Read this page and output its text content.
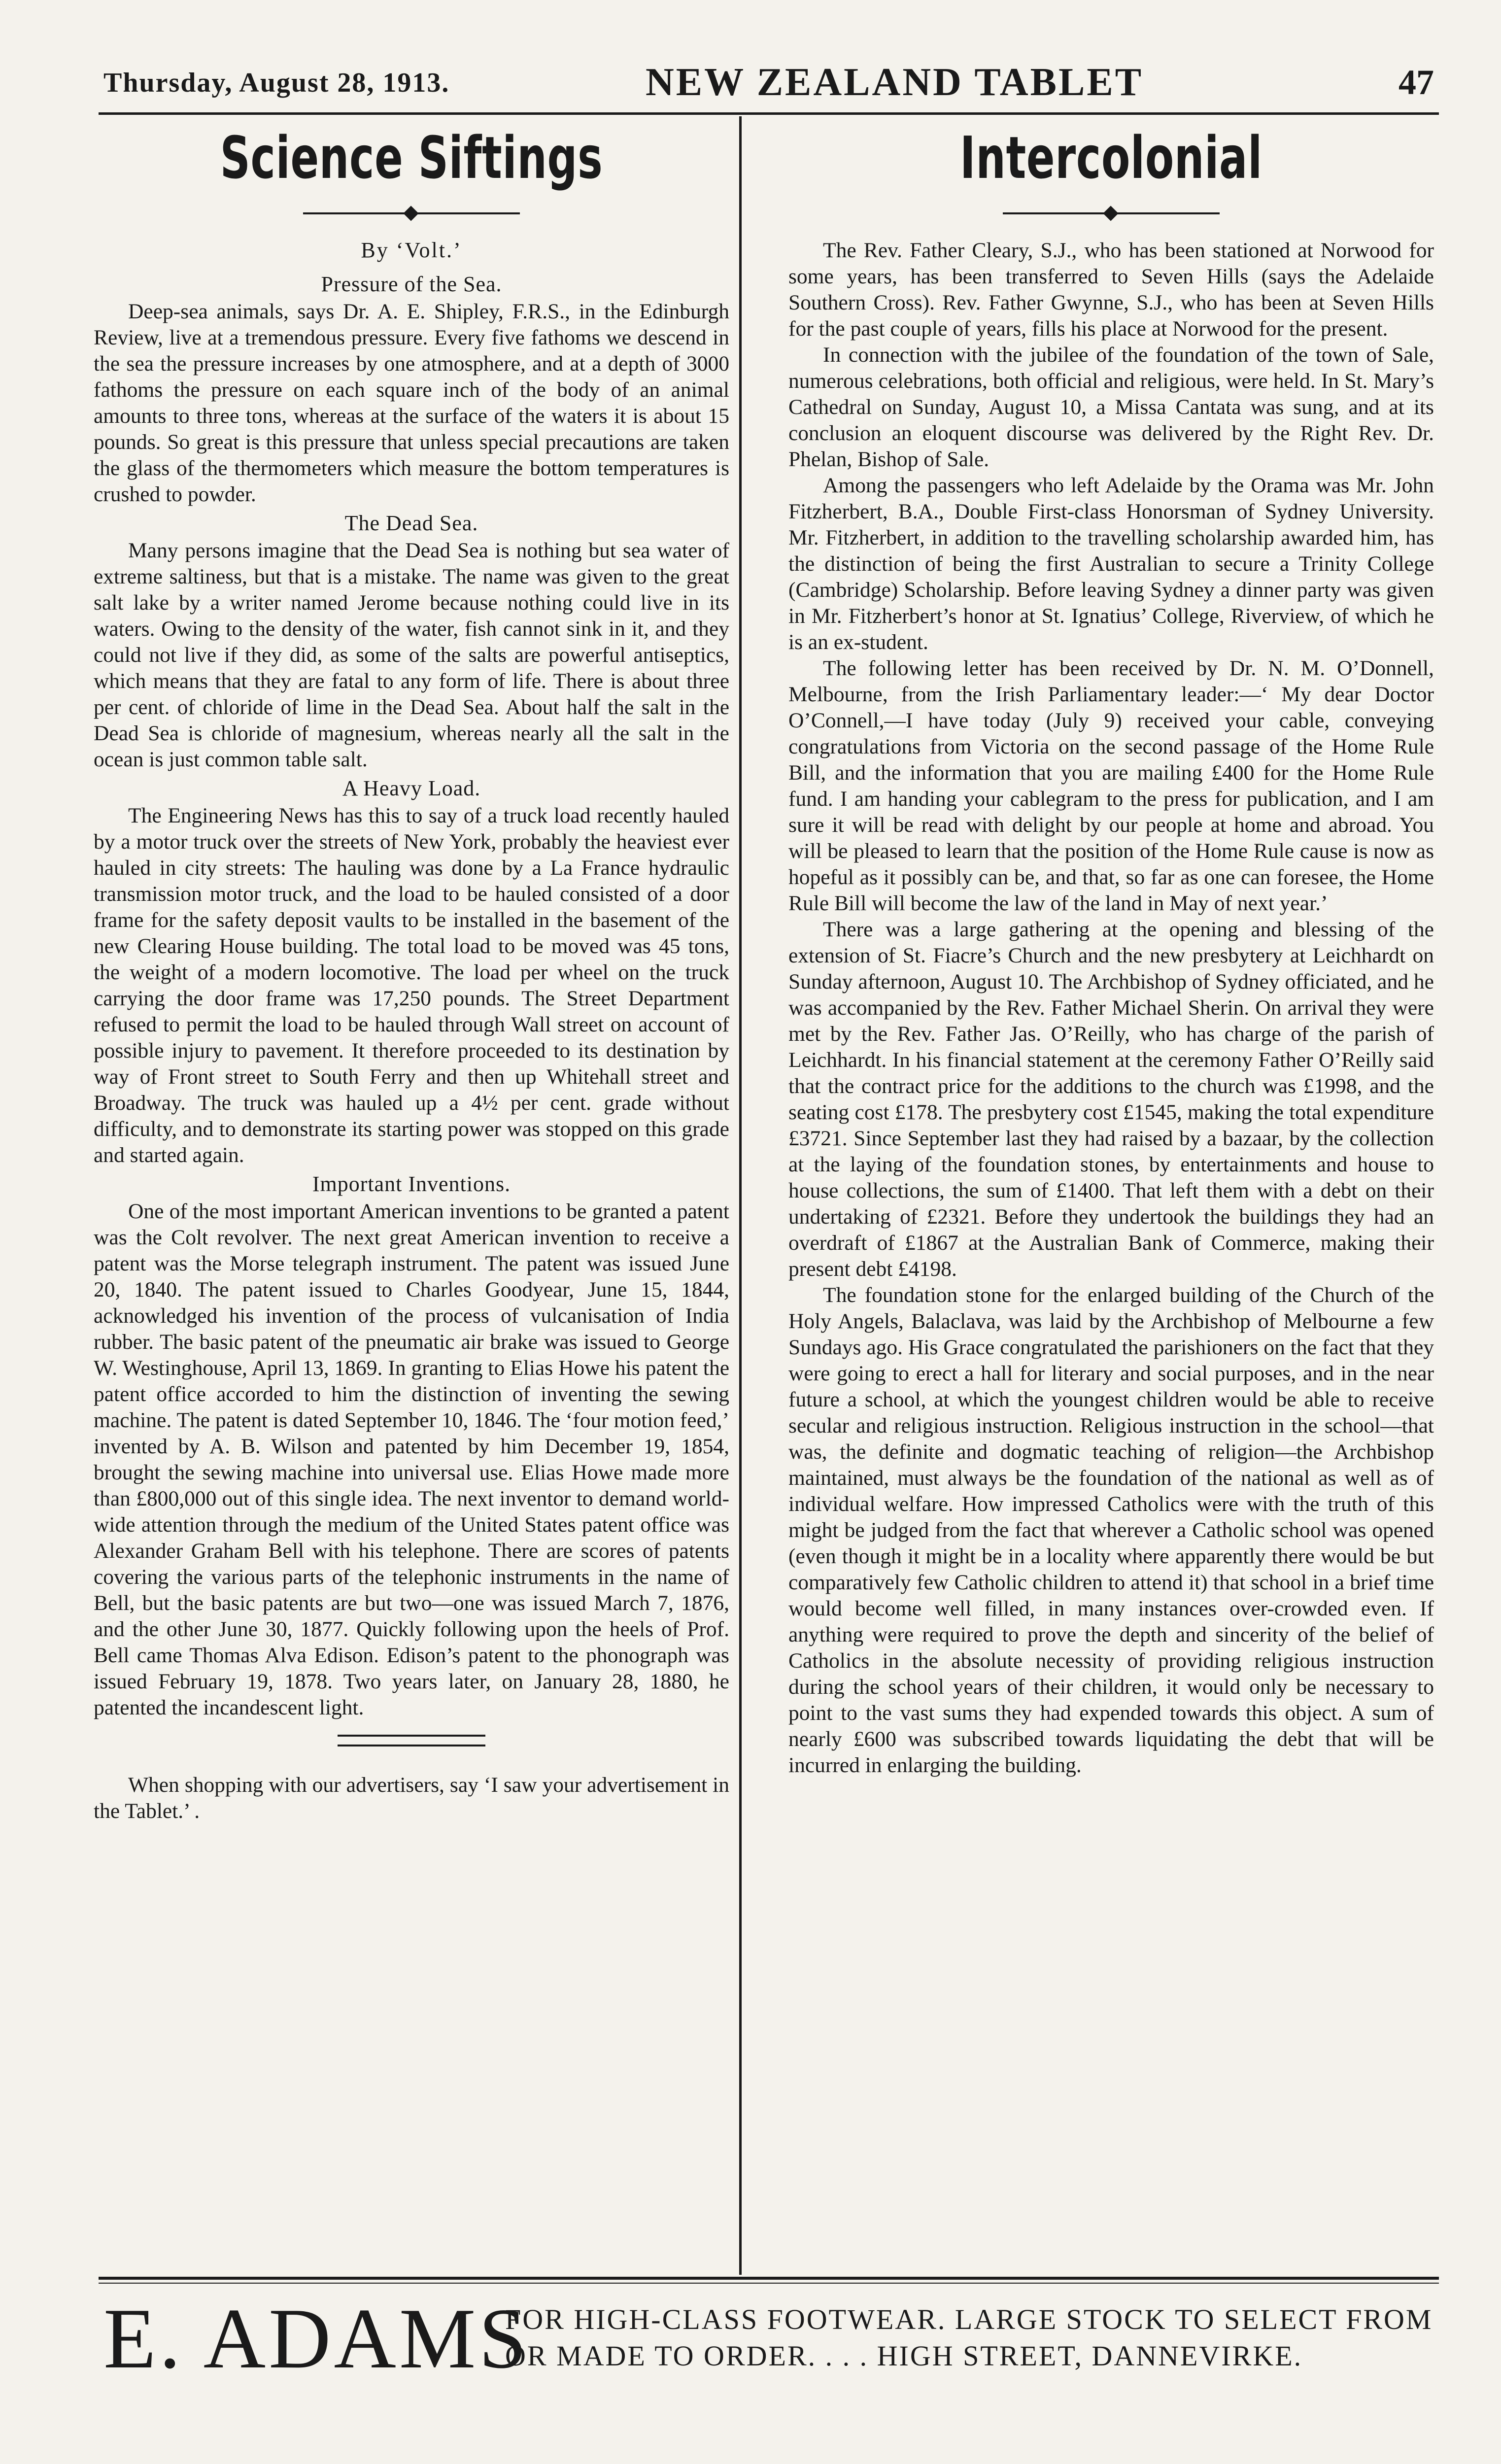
Thursday, August 28, 1913.	NEW ZEALAND TABLET	47
Science Siftings
By ‘Volt.’
Pressure of the Sea.

Deep-sea animals, says Dr. A. E. Shipley, F.R.S., in the Edinburgh Review, live at a tremendous pressure. Every five fathoms we descend in the sea the pressure increases by one atmosphere, and at a depth of 3000 fathoms the pressure on each square inch of the body of an animal amounts to three tons, whereas at the surface of the waters it is about 15 pounds. So great is this pressure that unless special precautions are taken the glass of the thermometers which measure the bottom temperatures is crushed to powder.

The Dead Sea.

Many persons imagine that the Dead Sea is nothing but sea water of extreme saltiness, but that is a mistake. The name was given to the great salt lake by a writer named Jerome because nothing could live in its waters. Owing to the density of the water, fish cannot sink in it, and they could not live if they did, as some of the salts are powerful antiseptics, which means that they are fatal to any form of life. There is about three per cent. of chloride of lime in the Dead Sea. About half the salt in the Dead Sea is chloride of magnesium, whereas nearly all the salt in the ocean is just common table salt.

A Heavy Load.

The Engineering News has this to say of a truck load recently hauled by a motor truck over the streets of New York, probably the heaviest ever hauled in city streets: The hauling was done by a La France hydraulic transmission motor truck, and the load to be hauled consisted of a door frame for the safety deposit vaults to be installed in the basement of the new Clearing House building. The total load to be moved was 45 tons, the weight of a modern locomotive. The load per wheel on the truck carrying the door frame was 17,250 pounds. The Street Department refused to permit the load to be hauled through Wall street on account of possible injury to pavement. It therefore proceeded to its destination by way of Front street to South Ferry and then up Whitehall street and Broadway. The truck was hauled up a 4½ per cent. grade without difficulty, and to demonstrate its starting power was stopped on this grade and started again.

Important Inventions.

One of the most important American inventions to be granted a patent was the Colt revolver. The next great American invention to receive a patent was the Morse telegraph instrument. The patent was issued June 20, 1840. The patent issued to Charles Goodyear, June 15, 1844, acknowledged his invention of the process of vulcanisation of India rubber. The basic patent of the pneumatic air brake was issued to George W. Westinghouse, April 13, 1869. In granting to Elias Howe his patent the patent office accorded to him the distinction of inventing the sewing machine. The patent is dated September 10, 1846. The ‘four motion feed,’ invented by A. B. Wilson and patented by him December 19, 1854, brought the sewing machine into universal use. Elias Howe made more than £800,000 out of this single idea. The next inventor to demand world-wide attention through the medium of the United States patent office was Alexander Graham Bell with his telephone. There are scores of patents covering the various parts of the telephonic instruments in the name of Bell, but the basic patents are but two—one was issued March 7, 1876, and the other June 30, 1877. Quickly following upon the heels of Prof. Bell came Thomas Alva Edison. Edison’s patent to the phonograph was issued February 19, 1878. Two years later, on January 28, 1880, he patented the incandescent light.

When shopping with our advertisers, say ‘I saw your advertisement in the Tablet.’ .

Intercolonial

The Rev. Father Cleary, S.J., who has been stationed at Norwood for some years, has been transferred to Seven Hills (says the Adelaide Southern Cross). Rev. Father Gwynne, S.J., who has been at Seven Hills for the past couple of years, fills his place at Norwood for the present.

In connection with the jubilee of the foundation of the town of Sale, numerous celebrations, both official and religious, were held. In St. Mary’s Cathedral on Sunday, August 10, a Missa Cantata was sung, and at its conclusion an eloquent discourse was delivered by the Right Rev. Dr. Phelan, Bishop of Sale.

Among the passengers who left Adelaide by the Orama was Mr. John Fitzherbert, B.A., Double First-class Honorsman of Sydney University. Mr. Fitzherbert, in addition to the travelling scholarship awarded him, has the distinction of being the first Australian to secure a Trinity College (Cambridge) Scholarship. Before leaving Sydney a dinner party was given in Mr. Fitzherbert’s honor at St. Ignatius’ College, Riverview, of which he is an ex-student.

The following letter has been received by Dr. N. M. O’Donnell, Melbourne, from the Irish Parliamentary leader:—‘ My dear Doctor O’Connell,—I have today (July 9) received your cable, conveying congratulations from Victoria on the second passage of the Home Rule Bill, and the information that you are mailing £400 for the Home Rule fund. I am handing your cablegram to the press for publication, and I am sure it will be read with delight by our people at home and abroad. You will be pleased to learn that the position of the Home Rule cause is now as hopeful as it possibly can be, and that, so far as one can foresee, the Home Rule Bill will become the law of the land in May of next year.’

There was a large gathering at the opening and blessing of the extension of St. Fiacre’s Church and the new presbytery at Leichhardt on Sunday afternoon, August 10. The Archbishop of Sydney officiated, and he was accompanied by the Rev. Father Michael Sherin. On arrival they were met by the Rev. Father Jas. O’Reilly, who has charge of the parish of Leichhardt. In his financial statement at the ceremony Father O’Reilly said that the contract price for the additions to the church was £1998, and the seating cost £178. The presbytery cost £1545, making the total expenditure £3721. Since September last they had raised by a bazaar, by the collection at the laying of the foundation stones, by entertainments and house to house collections, the sum of £1400. That left them with a debt on their undertaking of £2321. Before they undertook the buildings they had an overdraft of £1867 at the Australian Bank of Commerce, making their present debt £4198.

The foundation stone for the enlarged building of the Church of the Holy Angels, Balaclava, was laid by the Archbishop of Melbourne a few Sundays ago. His Grace congratulated the parishioners on the fact that they were going to erect a hall for literary and social purposes, and in the near future a school, at which the youngest children would be able to receive secular and religious instruction. Religious instruction in the school—that was, the definite and dogmatic teaching of religion—the Archbishop maintained, must always be the foundation of the national as well as of individual welfare. How impressed Catholics were with the truth of this might be judged from the fact that wherever a Catholic school was opened (even though it might be in a locality where apparently there would be but comparatively few Catholic children to attend it) that school in a brief time would become well filled, in many instances over-crowded even. If anything were required to prove the depth and sincerity of the belief of Catholics in the absolute necessity of providing religious instruction during the school years of their children, it would only be necessary to point to the vast sums they had expended towards this object. A sum of nearly £600 was subscribed towards liquidating the debt that will be incurred in enlarging the building.

E. ADAMS
FOR HIGH-CLASS FOOTWEAR. LARGE STOCK TO SELECT FROM
OR MADE TO ORDER. . . . HIGH STREET, DANNEVIRKE.
